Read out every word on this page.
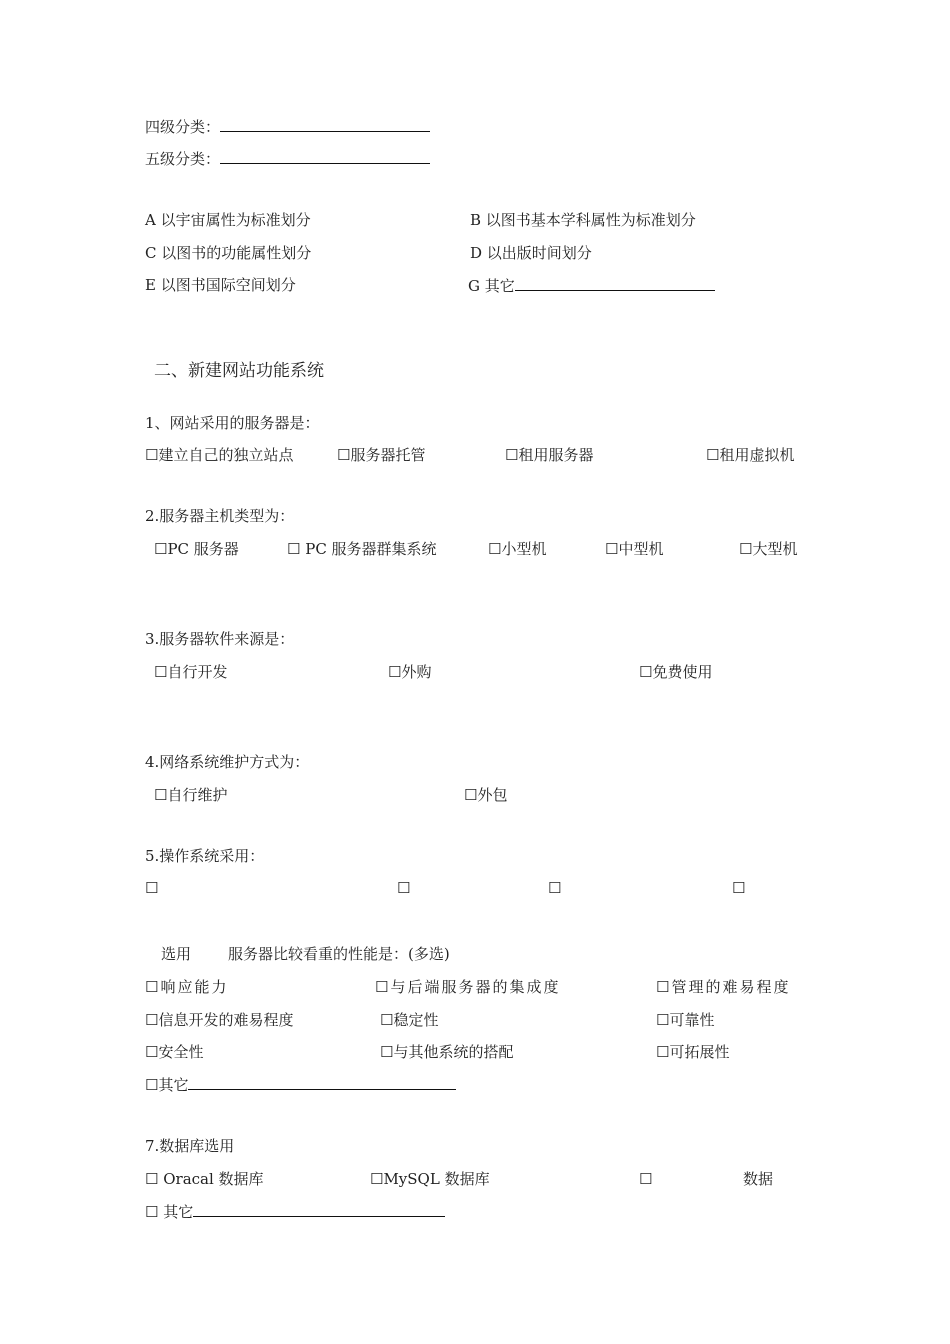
四级分类：
五级分类：
A 以宇宙属性为标准划分	B 以图书基本学科属性为标准划分
C 以图书的功能属性划分	D 以出版时间划分
E 以图书国际空间划分	G 其它
二、新建网站功能系统
1、网站采用的服务器是：
☐建立自己的独立站点	☐服务器托管	☐租用服务器	☐租用虚拟机
2.服务器主机类型为：
☐PC 服务器	☐ PC 服务器群集系统	☐小型机	☐中型机	☐大型机
3.服务器软件来源是：
☐自行开发	☐外购	☐免费使用
4.网络系统维护方式为：
☐自行维护	☐外包
5.操作系统采用：
☐	☐	☐	☐
选用 服务器比较看重的性能是：(多选)
☐响应能力	☐与后端服务器的集成度	☐管理的难易程度
☐信息开发的难易程度	☐稳定性	☐可靠性
☐安全性	☐与其他系统的搭配	☐可拓展性
☐其它
7.数据库选用
☐ Oracal 数据库	☐MySQL 数据库	☐	数据
☐ 其它
